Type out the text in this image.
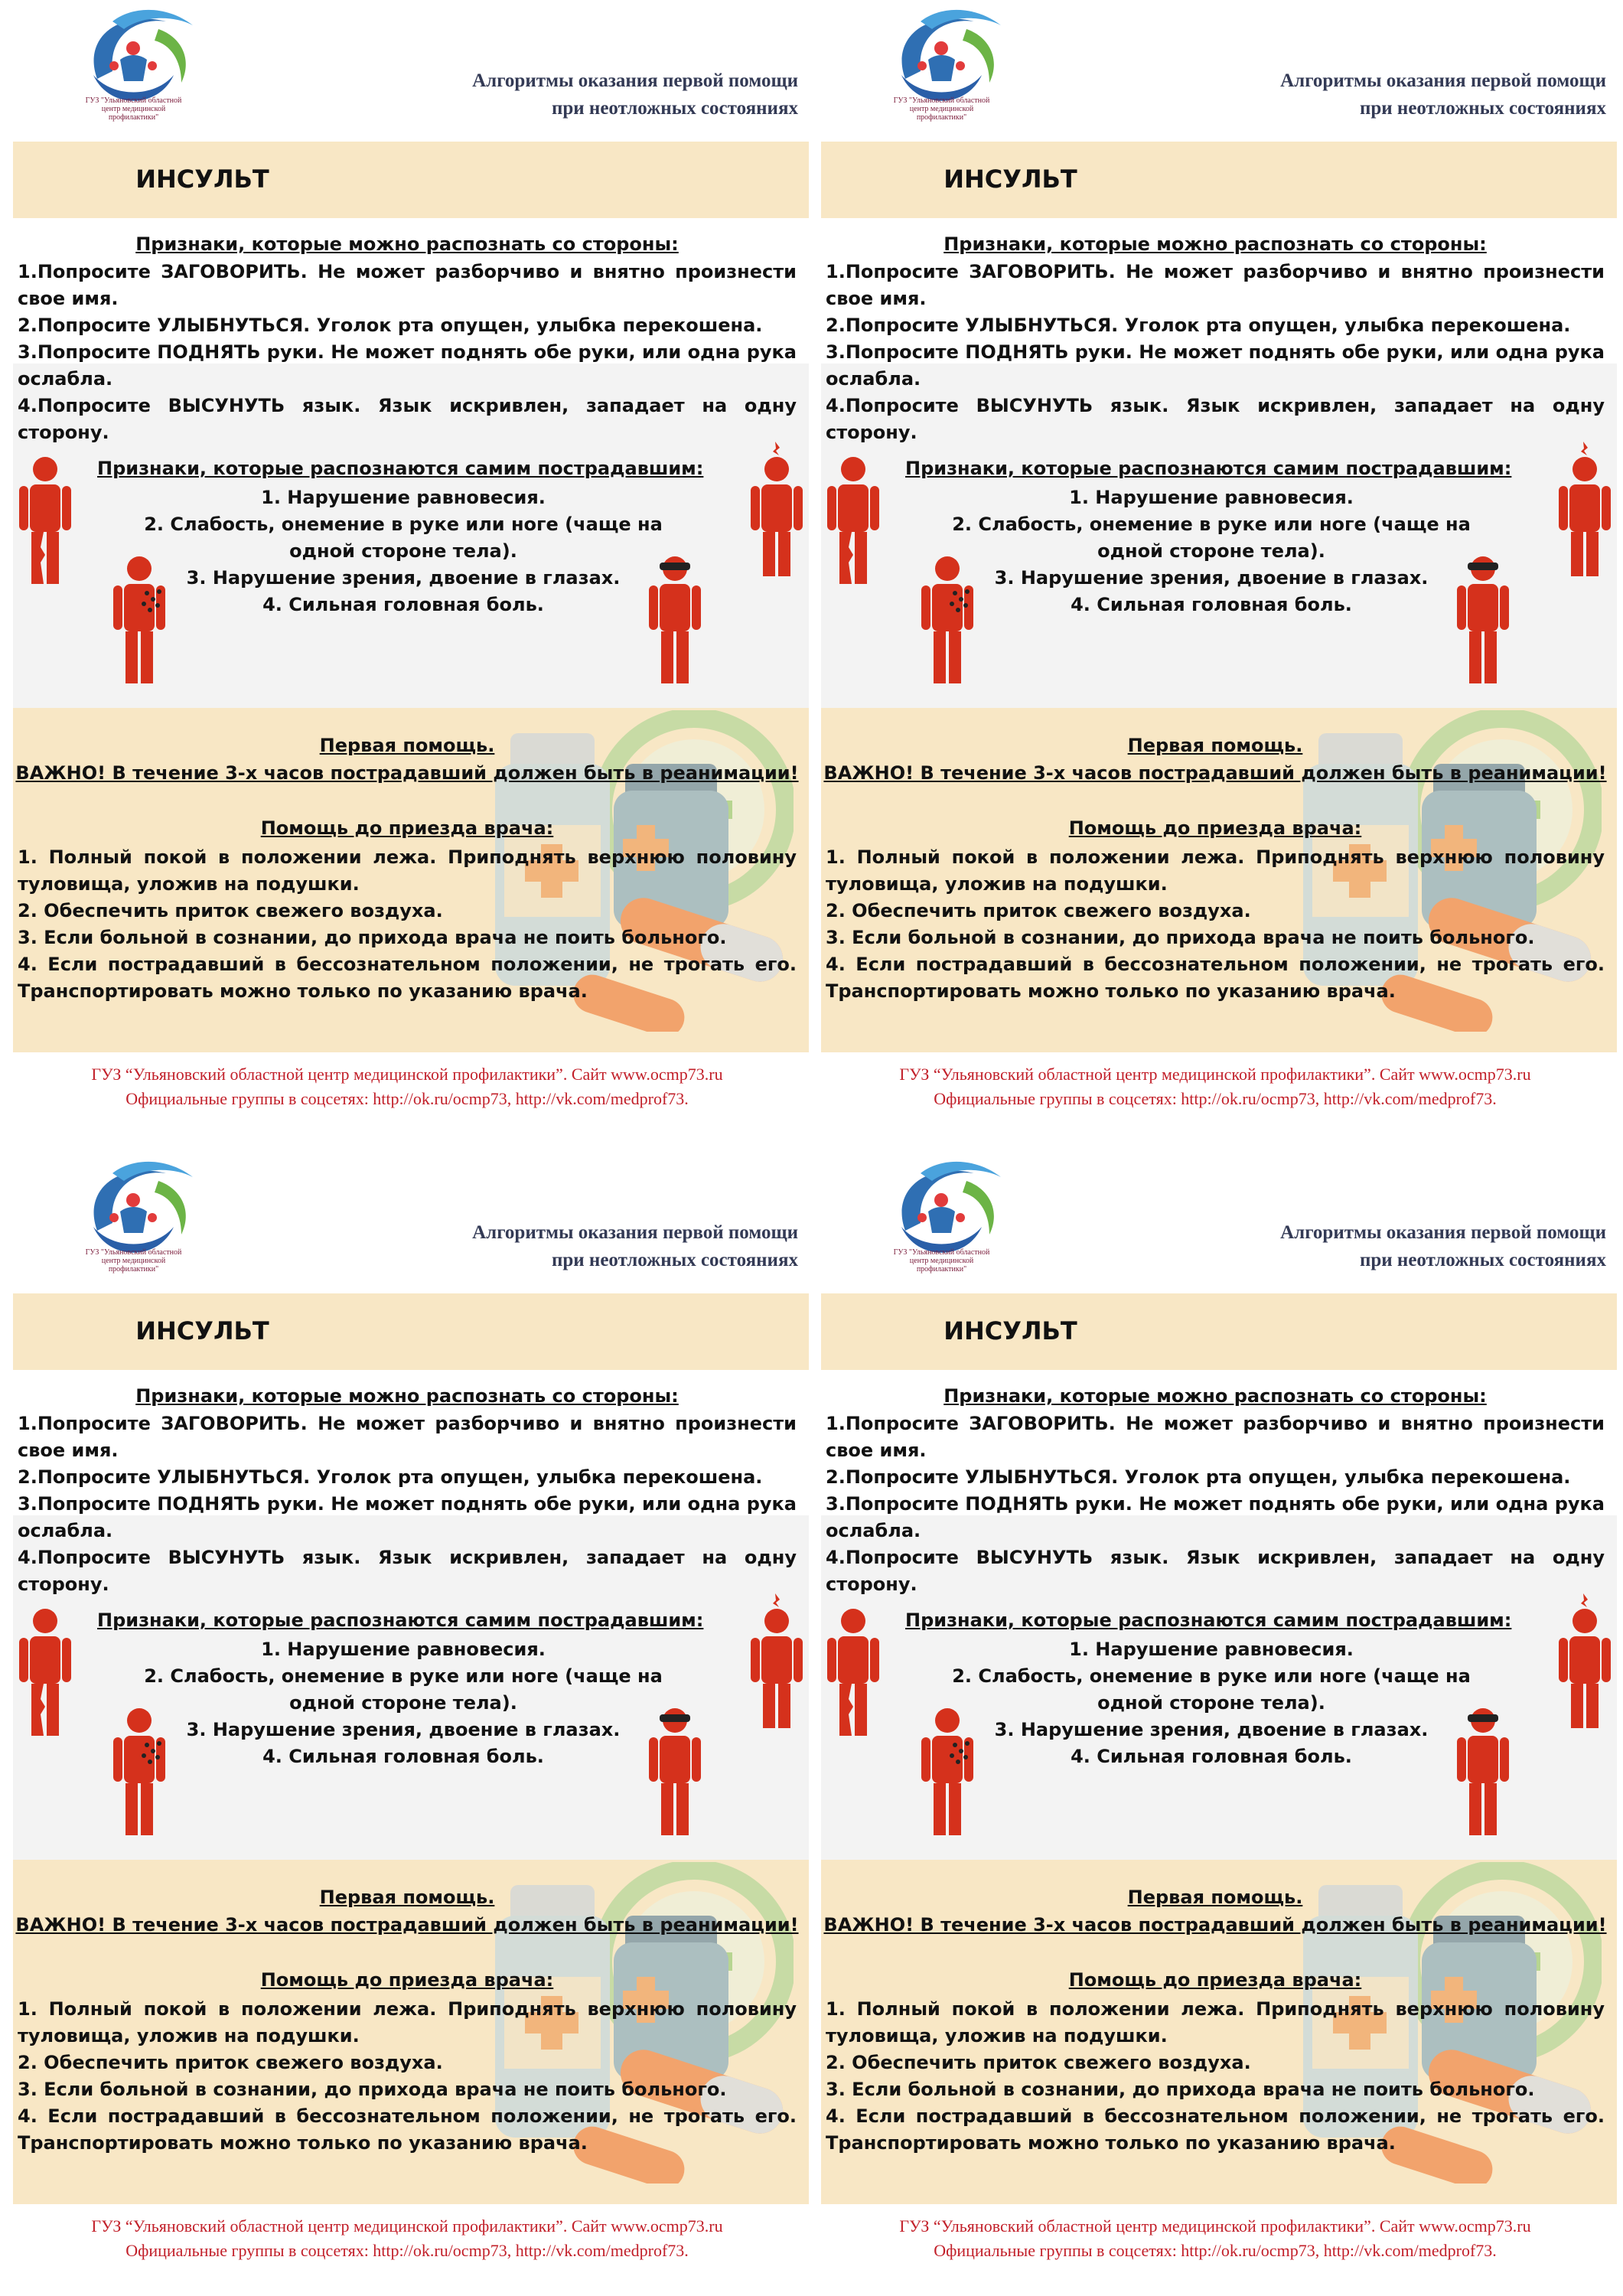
ГУЗ "Ульяновский областной центр медицинской профилактики"
Алгоритмы оказания первой помощи
при неотложных состояниях
ИНСУЛЬТ
Признаки, которые можно распознать со стороны:

1.Попросите ЗАГОВОРИТЬ. Не может разборчиво и внятно произнести свое имя.

2.Попросите УЛЫБНУТЬСЯ. Уголок рта опущен, улыбка перекошена.

3.Попросите ПОДНЯТЬ руки. Не может поднять обе руки, или одна рука ослабла.

4.Попросите ВЫСУНУТЬ язык. Язык искривлен, западает на одну сторону.

Признаки, которые распознаются самим пострадавшим:

1. Нарушение равновесия.

2. Слабость, онемение в руке или ноге (чаще на одной стороне тела).

3. Нарушение зрения, двоение в глазах.

4. Сильная головная боль.

Первая помощь.
ВАЖНО! В течение 3-х часов пострадавший должен быть в реанимации!
Помощь до приезда врача:

1. Полный покой в положении лежа. Приподнять верхнюю половину туловища, уложив на подушки.

2. Обеспечить приток свежего воздуха.

3. Если больной в сознании, до прихода врача не поить больного.

4. Если пострадавший в бессознательном положении, не трогать его. Транспортировать можно только по указанию врача.

ГУЗ “Ульяновский областной центр медицинской профилактики”. Сайт www.ocmp73.ru

Официальные группы в соцсетях: http://ok.ru/ocmp73, http://vk.com/medprof73.

ГУЗ "Ульяновский областной центр медицинской профилактики"
Алгоритмы оказания первой помощи
при неотложных состояниях
ИНСУЛЬТ
Признаки, которые можно распознать со стороны:

1.Попросите ЗАГОВОРИТЬ. Не может разборчиво и внятно произнести свое имя.

2.Попросите УЛЫБНУТЬСЯ. Уголок рта опущен, улыбка перекошена.

3.Попросите ПОДНЯТЬ руки. Не может поднять обе руки, или одна рука ослабла.

4.Попросите ВЫСУНУТЬ язык. Язык искривлен, западает на одну сторону.

Признаки, которые распознаются самим пострадавшим:

1. Нарушение равновесия.

2. Слабость, онемение в руке или ноге (чаще на одной стороне тела).

3. Нарушение зрения, двоение в глазах.

4. Сильная головная боль.

Первая помощь.
ВАЖНО! В течение 3-х часов пострадавший должен быть в реанимации!
Помощь до приезда врача:

1. Полный покой в положении лежа. Приподнять верхнюю половину туловища, уложив на подушки.

2. Обеспечить приток свежего воздуха.

3. Если больной в сознании, до прихода врача не поить больного.

4. Если пострадавший в бессознательном положении, не трогать его. Транспортировать можно только по указанию врача.

ГУЗ “Ульяновский областной центр медицинской профилактики”. Сайт www.ocmp73.ru

Официальные группы в соцсетях: http://ok.ru/ocmp73, http://vk.com/medprof73.

ГУЗ "Ульяновский областной центр медицинской профилактики"
Алгоритмы оказания первой помощи
при неотложных состояниях
ИНСУЛЬТ
Признаки, которые можно распознать со стороны:

1.Попросите ЗАГОВОРИТЬ. Не может разборчиво и внятно произнести свое имя.

2.Попросите УЛЫБНУТЬСЯ. Уголок рта опущен, улыбка перекошена.

3.Попросите ПОДНЯТЬ руки. Не может поднять обе руки, или одна рука ослабла.

4.Попросите ВЫСУНУТЬ язык. Язык искривлен, западает на одну сторону.

Признаки, которые распознаются самим пострадавшим:

1. Нарушение равновесия.

2. Слабость, онемение в руке или ноге (чаще на одной стороне тела).

3. Нарушение зрения, двоение в глазах.

4. Сильная головная боль.

Первая помощь.
ВАЖНО! В течение 3-х часов пострадавший должен быть в реанимации!
Помощь до приезда врача:

1. Полный покой в положении лежа. Приподнять верхнюю половину туловища, уложив на подушки.

2. Обеспечить приток свежего воздуха.

3. Если больной в сознании, до прихода врача не поить больного.

4. Если пострадавший в бессознательном положении, не трогать его. Транспортировать можно только по указанию врача.

ГУЗ “Ульяновский областной центр медицинской профилактики”. Сайт www.ocmp73.ru

Официальные группы в соцсетях: http://ok.ru/ocmp73, http://vk.com/medprof73.

ГУЗ "Ульяновский областной центр медицинской профилактики"
Алгоритмы оказания первой помощи
при неотложных состояниях
ИНСУЛЬТ
Признаки, которые можно распознать со стороны:

1.Попросите ЗАГОВОРИТЬ. Не может разборчиво и внятно произнести свое имя.

2.Попросите УЛЫБНУТЬСЯ. Уголок рта опущен, улыбка перекошена.

3.Попросите ПОДНЯТЬ руки. Не может поднять обе руки, или одна рука ослабла.

4.Попросите ВЫСУНУТЬ язык. Язык искривлен, западает на одну сторону.

Признаки, которые распознаются самим пострадавшим:

1. Нарушение равновесия.

2. Слабость, онемение в руке или ноге (чаще на одной стороне тела).

3. Нарушение зрения, двоение в глазах.

4. Сильная головная боль.

Первая помощь.
ВАЖНО! В течение 3-х часов пострадавший должен быть в реанимации!
Помощь до приезда врача:

1. Полный покой в положении лежа. Приподнять верхнюю половину туловища, уложив на подушки.

2. Обеспечить приток свежего воздуха.

3. Если больной в сознании, до прихода врача не поить больного.

4. Если пострадавший в бессознательном положении, не трогать его. Транспортировать можно только по указанию врача.

ГУЗ “Ульяновский областной центр медицинской профилактики”. Сайт www.ocmp73.ru

Официальные группы в соцсетях: http://ok.ru/ocmp73, http://vk.com/medprof73.
